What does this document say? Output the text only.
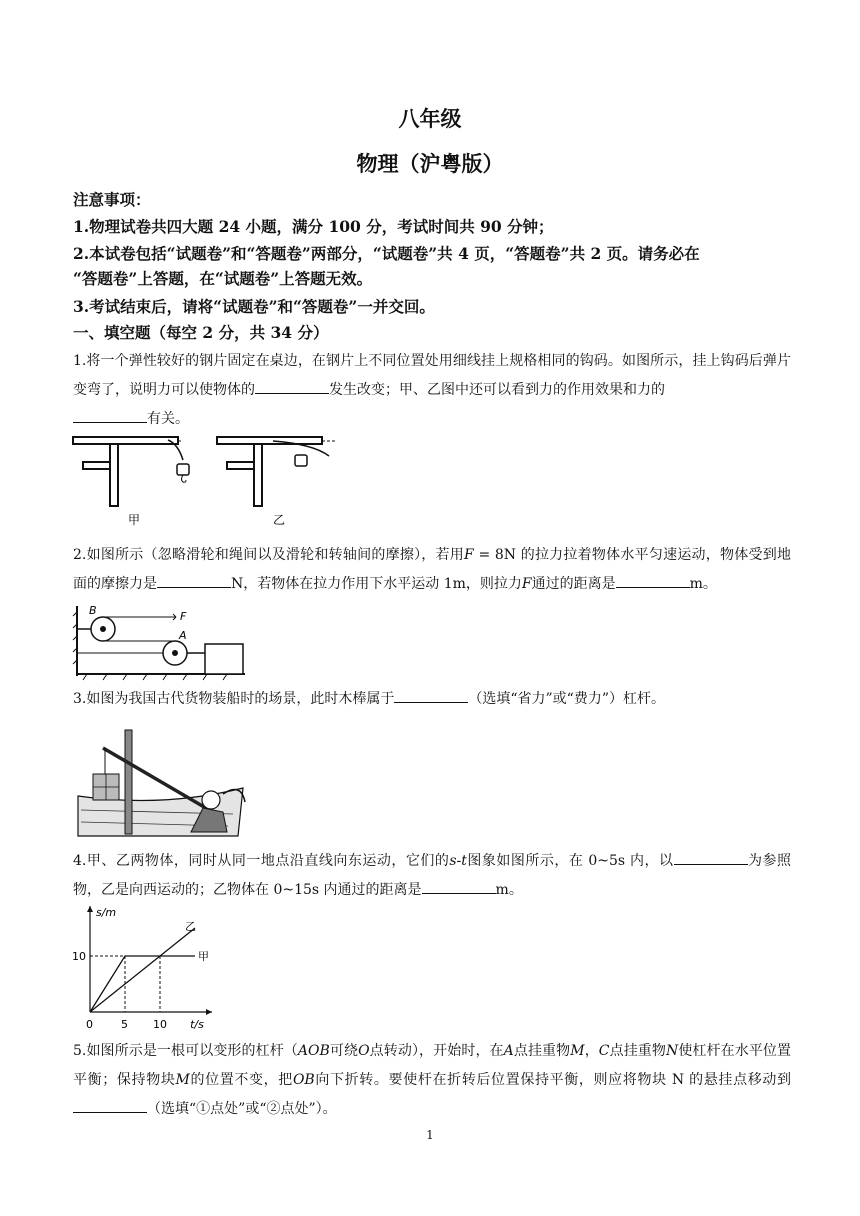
八年级
物理（沪粤版）
注意事项：
1.物理试卷共四大题 24 小题，满分 100 分，考试时间共 90 分钟；
2.本试卷包括“试题卷”和“答题卷”两部分，“试题卷”共 4 页，“答题卷”共 2 页。请务必在
“答题卷”上答题，在“试题卷”上答题无效。
3.考试结束后，请将“试题卷”和“答题卷”一并交回。
一、填空题（每空 2 分，共 34 分）
1.将一个弹性较好的钢片固定在桌边，在钢片上不同位置处用细线挂上规格相同的钩码。如图所示，挂上钩码后弹片变弯了，说明力可以使物体的	发生改变；甲、乙图中还可以看到力的作用效果和力的
有关。
甲	乙
2.如图所示（忽略滑轮和绳间以及滑轮和转轴间的摩擦），若用F = 8N 的拉力拉着物体水平匀速运动，物体受到地面的摩擦力是	N，若物体在拉力作用下水平运动 1m，则拉力F通过的距离是	m。
B	F
A
3.如图为我国古代货物装船时的场景，此时木棒属于	（选填“省力”或“费力”）杠杆。
4.甲、乙两物体，同时从同一地点沿直线向东运动，它们的s-t图象如图所示，在 0~5s 内，以	为参照物，乙是向西运动的；乙物体在 0~15s 内通过的距离是	m。
s/m
t/s
0	5 10
10	甲
乙
5.如图所示是一根可以变形的杠杆（AOB可绕O点转动），开始时，在A点挂重物M，C点挂重物N使杠杆在水平位置平衡；保持物块M的位置不变，把OB向下折转。要使杆在折转后位置保持平衡，则应将物块 N 的悬挂点移动到（选填“①点处”或“②点处”）。
1
